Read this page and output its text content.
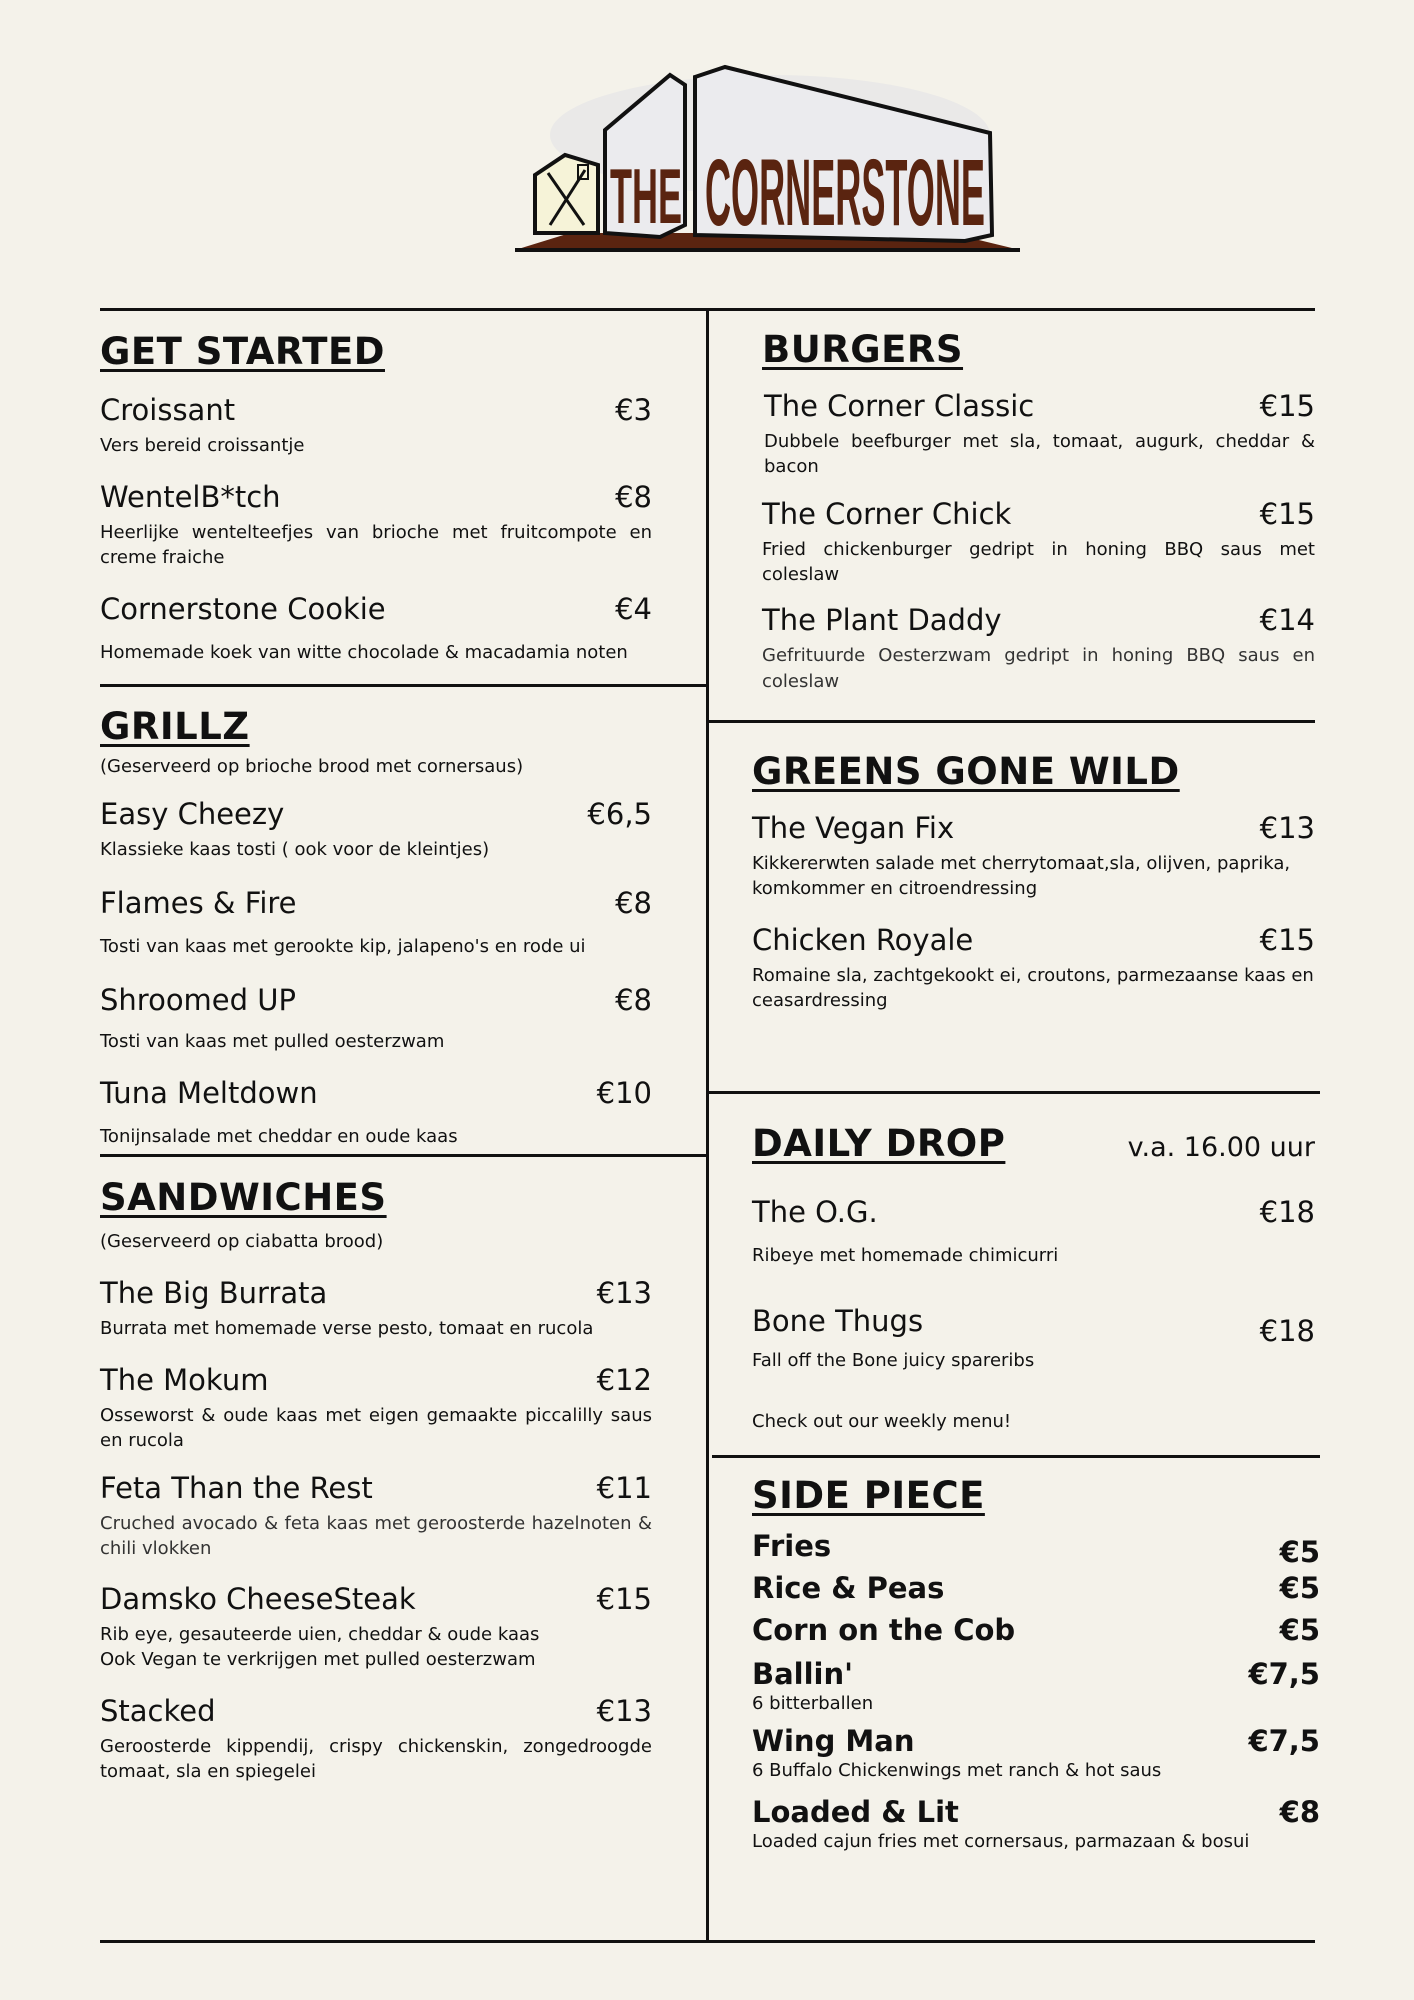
THE CORNERSTONE
GET STARTED
Croissant	€3
Vers bereid croissantje
WentelB*tch	€8
Heerlijke wentelteefjes van brioche met fruitcompote en creme fraiche
Cornerstone Cookie	€4
Homemade koek van witte chocolade & macadamia noten
GRILLZ
(Geserveerd op brioche brood met cornersaus)
Easy Cheezy	€6,5
Klassieke kaas tosti ( ook voor de kleintjes)
Flames & Fire	€8
Tosti van kaas met gerookte kip, jalapeno's en rode ui
Shroomed UP	€8
Tosti van kaas met pulled oesterzwam
Tuna Meltdown	€10
Tonijnsalade met cheddar en oude kaas
SANDWICHES
(Geserveerd op ciabatta brood)
The Big Burrata	€13
Burrata met homemade verse pesto, tomaat en rucola
The Mokum	€12
Osseworst & oude kaas met eigen gemaakte piccalilly saus en rucola
Feta Than the Rest	€11
Cruched avocado & feta kaas met geroosterde hazelnoten & chili vlokken
Damsko CheeseSteak	€15
Rib eye, gesauteerde uien, cheddar & oude kaas
Ook Vegan te verkrijgen met pulled oesterzwam
Stacked	€13
Geroosterde kippendij, crispy chickenskin, zongedroogde tomaat, sla en spiegelei
BURGERS
The Corner Classic	€15
Dubbele beefburger met sla, tomaat, augurk, cheddar & bacon
The Corner Chick	€15
Fried chickenburger gedript in honing BBQ saus met coleslaw
The Plant Daddy	€14
Gefrituurde Oesterzwam gedript in honing BBQ saus en coleslaw
GREENS GONE WILD
The Vegan Fix	€13
Kikkererwten salade met cherrytomaat,sla, olijven, paprika, komkommer en citroendressing
Chicken Royale	€15
Romaine sla, zachtgekookt ei, croutons, parmezaanse kaas en ceasardressing
DAILY DROP	v.a. 16.00 uur
The O.G.	€18
Ribeye met homemade chimicurri
Bone Thugs	€18
Fall off the Bone juicy spareribs
Check out our weekly menu!
SIDE PIECE
Fries	€5
Rice & Peas	€5
Corn on the Cob	€5
Ballin'	€7,5
6 bitterballen
Wing Man	€7,5
6 Buffalo Chickenwings met ranch & hot saus
Loaded & Lit	€8
Loaded cajun fries met cornersaus, parmazaan & bosui
